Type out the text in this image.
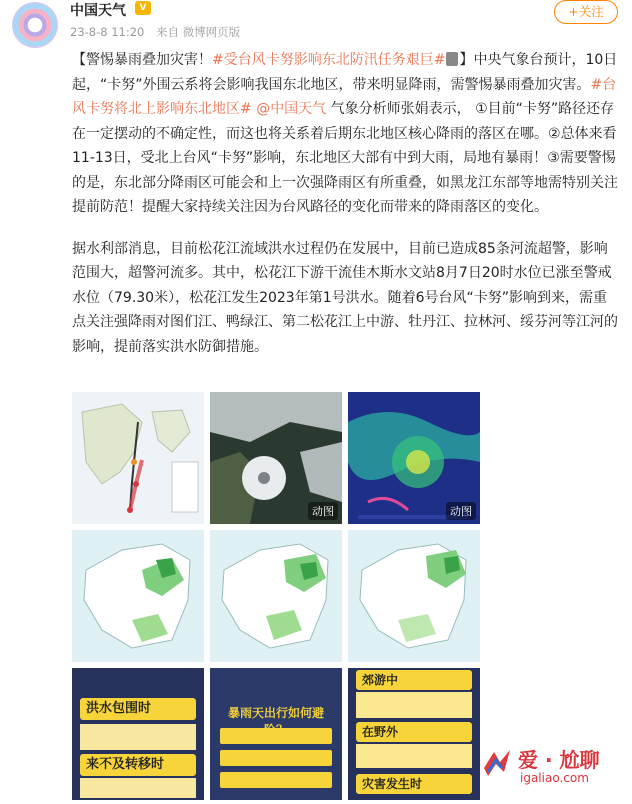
中国天气	V
23-8-8 11:20 来自 微博网页版
+关注

【警惕暴雨叠加灾害！#受台风卡努影响东北防汛任务艰巨# 】中央气象台预计，10日起，“卡努”外围云系将会影响我国东北地区，带来明显降雨，需警惕暴雨叠加灾害。#台风卡努将北上影响东北地区# @中国天气 气象分析师张娟表示， ①目前“卡努”路径还存在一定摆动的不确定性，而这也将关系着后期东北地区核心降雨的落区在哪。②总体来看11-13日，受北上台风“卡努”影响，东北地区大部有中到大雨，局地有暴雨！③需要警惕的是，东北部分降雨区可能会和上一次强降雨区有所重叠，如黑龙江东部等地需特别关注提前防范！提醒大家持续关注因为台风路径的变化而带来的降雨落区的变化。

据水利部消息，目前松花江流域洪水过程仍在发展中，目前已造成85条河流超警，影响范围大，超警河流多。其中，松花江下游干流佳木斯水文站8月7日20时水位已涨至警戒水位（79.30米），松花江发生2023年第1号洪水。随着6号台风“卡努”影响到来，需重点关注强降雨对图们江、鸭绿江、第二松花江上中游、牡丹江、拉林河、绥芬河等江河的影响，提前落实洪水防御措施。

动图	动图
洪水包围时
来不及转移时
暴雨天出行如何避
郊游中
在野外
灾害发生时
爱 · 尬聊
igaliao.com
